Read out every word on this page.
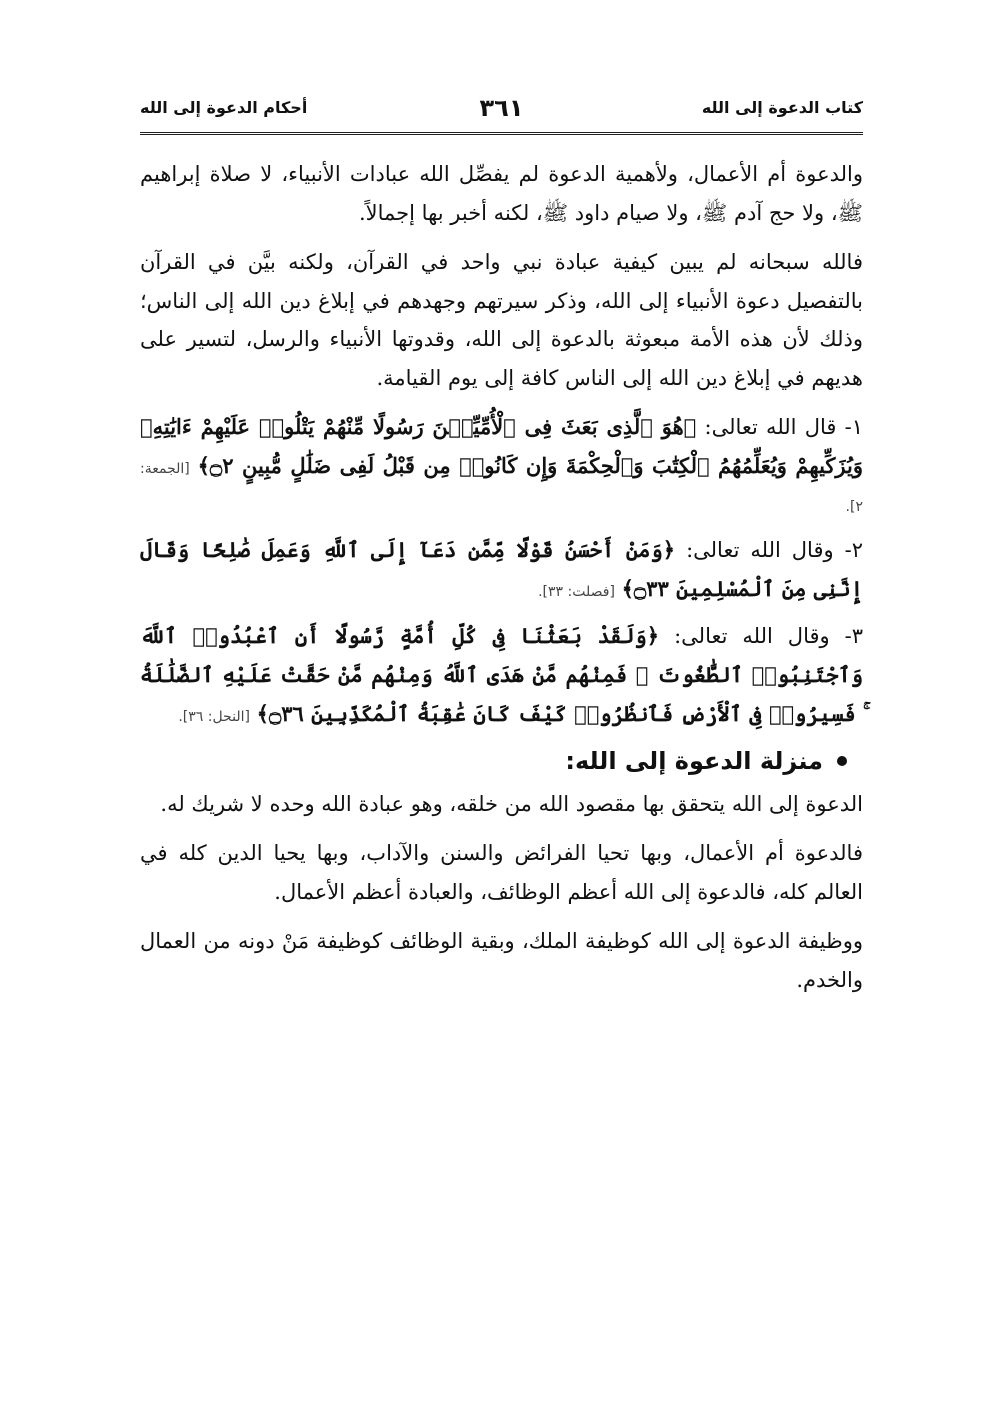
كتاب الدعوة إلى الله
٣٦١
أحكام الدعوة إلى الله

والدعوة أم الأعمال، ولأهمية الدعوة لم يفصِّل الله عبادات الأنبياء، لا صلاة إبراهيم ﷺ، ولا حج آدم ﷺ، ولا صيام داود ﷺ، لكنه أخبر بها إجمالاً.

فالله سبحانه لم يبين كيفية عبادة نبي واحد في القرآن، ولكنه بيَّن في القرآن بالتفصيل دعوة الأنبياء إلى الله، وذكر سيرتهم وجهدهم في إبلاغ دين الله إلى الناس؛ وذلك لأن هذه الأمة مبعوثة بالدعوة إلى الله، وقدوتها الأنبياء والرسل، لتسير على هديهم في إبلاغ دين الله إلى الناس كافة إلى يوم القيامة.

١- قال الله تعالى: ﴿هُوَ ٱلَّذِى بَعَثَ فِى ٱلْأُمِّيِّـۧنَ رَسُولًا مِّنْهُمْ يَتْلُوا۟ عَلَيْهِمْ ءَايَٰتِهِۦ وَيُزَكِّيهِمْ وَيُعَلِّمُهُمُ ٱلْكِتَٰبَ وَٱلْحِكْمَةَ وَإِن كَانُوا۟ مِن قَبْلُ لَفِى ضَلَٰلٍ مُّبِينٍ ۝٢﴾ [الجمعة: ٢].

٢- وقال الله تعالى: ﴿وَمَنْ أَحْسَنُ قَوْلًا مِّمَّن دَعَآ إِلَى ٱللَّهِ وَعَمِلَ صَٰلِحًا وَقَالَ إِنَّنِى مِنَ ٱلْمُسْلِمِينَ ۝٣٣﴾ [فصلت: ٣٣].

٣- وقال الله تعالى: ﴿وَلَقَدْ بَعَثْنَا فِى كُلِّ أُمَّةٍ رَّسُولًا أَنِ ٱعْبُدُوا۟ ٱللَّهَ وَٱجْتَنِبُوا۟ ٱلطَّٰغُوتَ ۖ فَمِنْهُم مَّنْ هَدَى ٱللَّهُ وَمِنْهُم مَّنْ حَقَّتْ عَلَيْهِ ٱلضَّلَٰلَةُ ۚ فَسِيرُوا۟ فِى ٱلْأَرْضِ فَٱنظُرُوا۟ كَيْفَ كَانَ عَٰقِبَةُ ٱلْمُكَذِّبِينَ ۝٣٦﴾ [النحل: ٣٦].

منزلة الدعوة إلى الله:

الدعوة إلى الله يتحقق بها مقصود الله من خلقه، وهو عبادة الله وحده لا شريك له.

فالدعوة أم الأعمال، وبها تحيا الفرائض والسنن والآداب، وبها يحيا الدين كله في العالم كله، فالدعوة إلى الله أعظم الوظائف، والعبادة أعظم الأعمال.

ووظيفة الدعوة إلى الله كوظيفة الملك، وبقية الوظائف كوظيفة مَنْ دونه من العمال والخدم.
